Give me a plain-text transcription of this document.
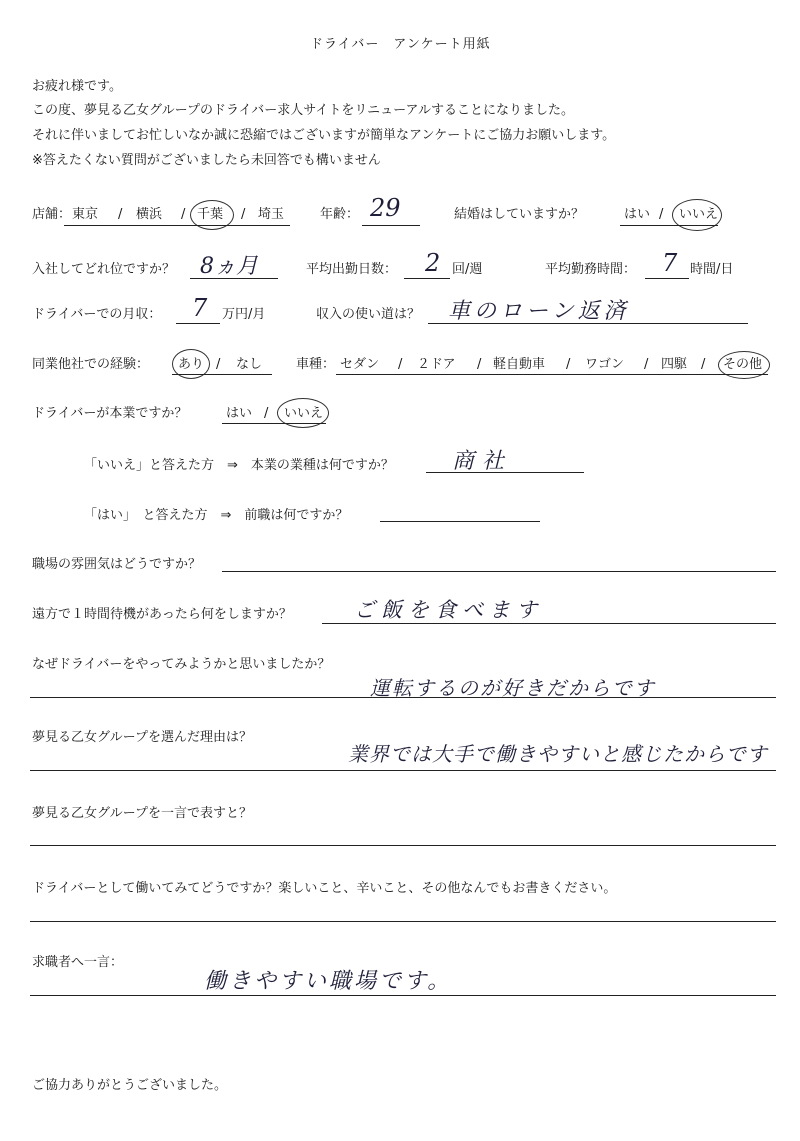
ドライバー　アンケート用紙
お疲れ様です。
この度、夢見る乙女グループのドライバー求人サイトをリニューアルすることになりました。
それに伴いましてお忙しいなか誠に恐縮ではございますが簡単なアンケートにご協力お願いします。
※答えたくない質問がございましたら未回答でも構いません
店舗： 東京 / 横浜 / 千葉 / 埼玉	年齢： 29	結婚はしていますか？	はい / いいえ
入社してどれ位ですか？ 8ヵ月	平均出勤日数： 2 回/週	平均勤務時間： 7 時間/日
ドライバーでの月収： 7 万円/月	収入の使い道は？ 車のローン返済
同業他社での経験： あり / なし	車種： セダン / ２ドア / 軽自動車 / ワゴン / 四駆 / その他
ドライバーが本業ですか？	はい / いいえ
「いいえ」と答えた方　⇒　本業の業種は何ですか？	商社
「はい」　と答えた方　⇒　前職は何ですか？
職場の雰囲気はどうですか？
遠方で１時間待機があったら何をしますか？	ご飯を食べます
なぜドライバーをやってみようかと思いましたか？
運転するのが好きだからです
夢見る乙女グループを選んだ理由は？
業界では大手で働きやすいと感じたからです
夢見る乙女グループを一言で表すと？
ドライバーとして働いてみてどうですか？楽しいこと、辛いこと、その他なんでもお書きください。
求職者へ一言：
働きやすい職場です。
ご協力ありがとうございました。
